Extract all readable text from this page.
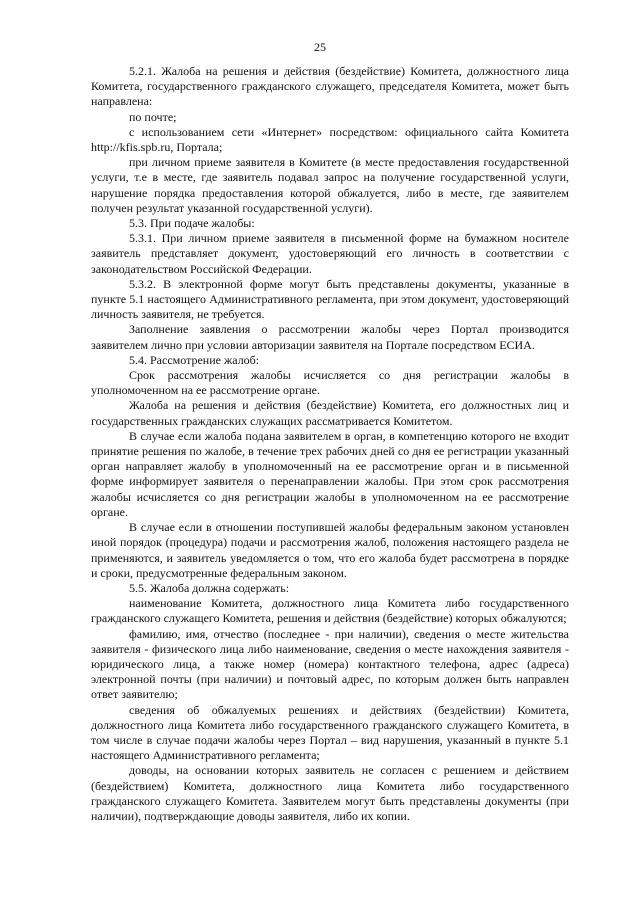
25

5.2.1. Жалоба на решения и действия (бездействие) Комитета, должностного лица Комитета, государственного гражданского служащего, председателя Комитета, может быть направлена:

по почте;

с использованием сети «Интернет» посредством: официального сайта Комитета http://kfis.spb.ru, Портала;

при личном приеме заявителя в Комитете (в месте предоставления государственной услуги, т.е в месте, где заявитель подавал запрос на получение государственной услуги, нарушение порядка предоставления которой обжалуется, либо в месте, где заявителем получен результат указанной государственной услуги).

5.3. При подаче жалобы:

5.3.1. При личном приеме заявителя в письменной форме на бумажном носителе заявитель представляет документ, удостоверяющий его личность в соответствии с законодательством Российской Федерации.

5.3.2. В электронной форме могут быть представлены документы, указанные в пункте 5.1 настоящего Административного регламента, при этом документ, удостоверяющий личность заявителя, не требуется.

Заполнение заявления о рассмотрении жалобы через Портал производится заявителем лично при условии авторизации заявителя на Портале посредством ЕСИА.

5.4. Рассмотрение жалоб:

Срок рассмотрения жалобы исчисляется со дня регистрации жалобы в уполномоченном на ее рассмотрение органе.

Жалоба на решения и действия (бездействие) Комитета, его должностных лиц и государственных гражданских служащих рассматривается Комитетом.

В случае если жалоба подана заявителем в орган, в компетенцию которого не входит принятие решения по жалобе, в течение трех рабочих дней со дня ее регистрации указанный орган направляет жалобу в уполномоченный на ее рассмотрение орган и в письменной форме информирует заявителя о перенаправлении жалобы. При этом срок рассмотрения жалобы исчисляется со дня регистрации жалобы в уполномоченном на ее рассмотрение органе.

В случае если в отношении поступившей жалобы федеральным законом установлен иной порядок (процедура) подачи и рассмотрения жалоб, положения настоящего раздела не применяются, и заявитель уведомляется о том, что его жалоба будет рассмотрена в порядке и сроки, предусмотренные федеральным законом.

5.5. Жалоба должна содержать:

наименование Комитета, должностного лица Комитета либо государственного гражданского служащего Комитета, решения и действия (бездействие) которых обжалуются;

фамилию, имя, отчество (последнее - при наличии), сведения о месте жительства заявителя - физического лица либо наименование, сведения о месте нахождения заявителя - юридического лица, а также номер (номера) контактного телефона, адрес (адреса) электронной почты (при наличии) и почтовый адрес, по которым должен быть направлен ответ заявителю;

сведения об обжалуемых решениях и действиях (бездействии) Комитета, должностного лица Комитета либо государственного гражданского служащего Комитета, в том числе в случае подачи жалобы через Портал – вид нарушения, указанный в пункте 5.1 настоящего Административного регламента;

доводы, на основании которых заявитель не согласен с решением и действием (бездействием) Комитета, должностного лица Комитета либо государственного гражданского служащего Комитета. Заявителем могут быть представлены документы (при наличии), подтверждающие доводы заявителя, либо их копии.
